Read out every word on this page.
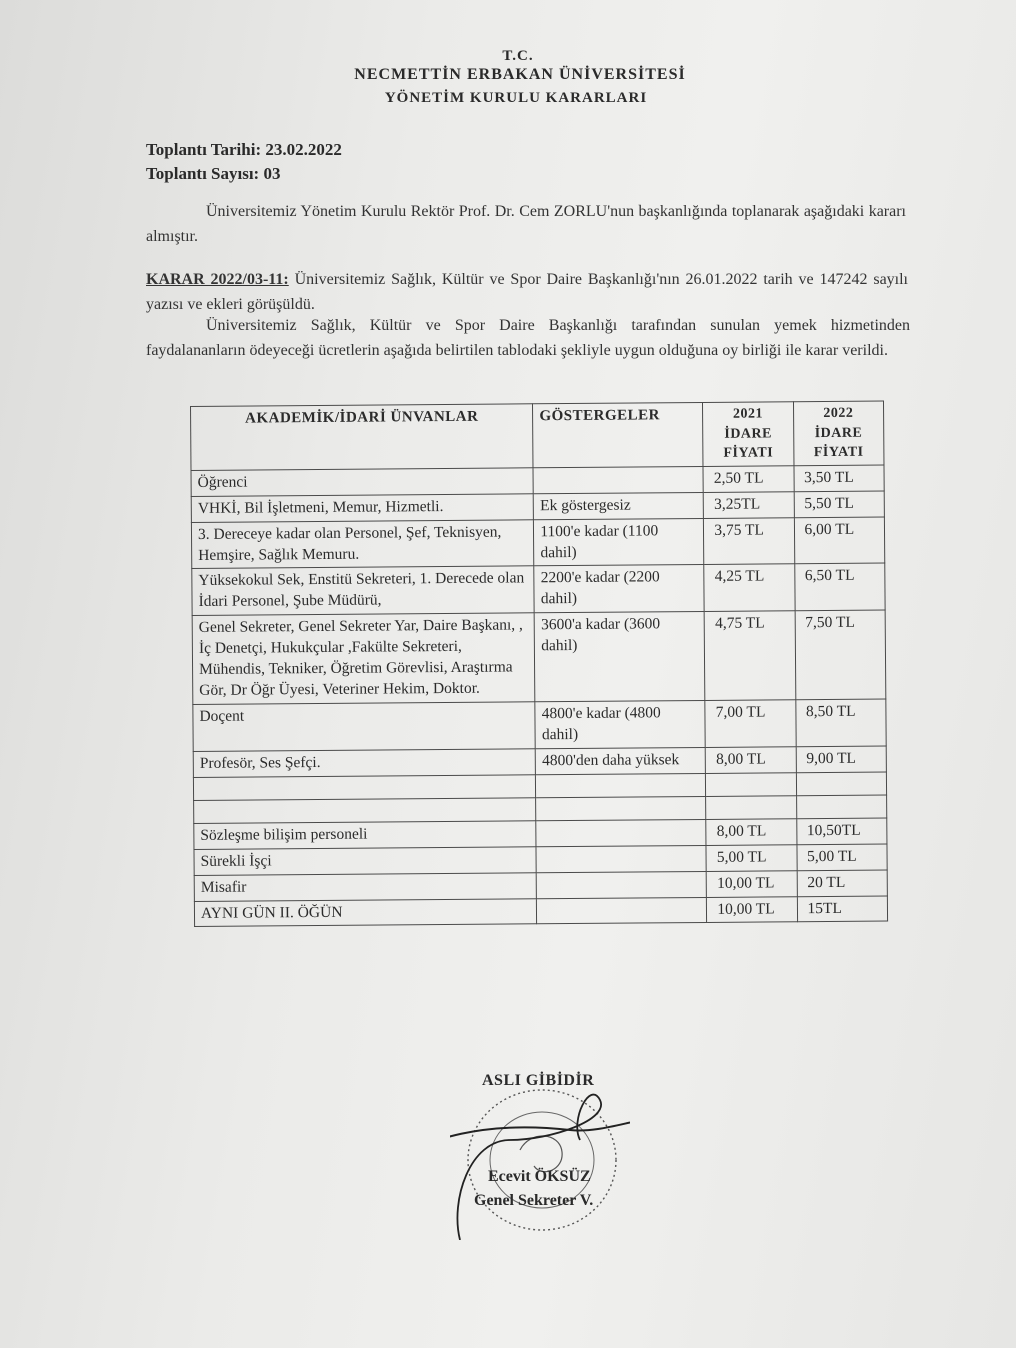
T.C.
NECMETTİN ERBAKAN ÜNİVERSİTESİ
YÖNETİM KURULU KARARLARI
Toplantı Tarihi: 23.02.2022
Toplantı Sayısı: 03
Üniversitemiz Yönetim Kurulu Rektör Prof. Dr. Cem ZORLU'nun başkanlığında toplanarak aşağıdaki kararı almıştır.
KARAR 2022/03-11: Üniversitemiz Sağlık, Kültür ve Spor Daire Başkanlığı'nın 26.01.2022 tarih ve 147242 sayılı yazısı ve ekleri görüşüldü.
Üniversitemiz Sağlık, Kültür ve Spor Daire Başkanlığı tarafından sunulan yemek hizmetinden faydalananların ödeyeceği ücretlerin aşağıda belirtilen tablodaki şekliyle uygun olduğuna oy birliği ile karar verildi.
AKADEMİK/İDARİ ÜNVANLAR	GÖSTERGELER	2021 İDARE FİYATI	2022 İDARE FİYATI
Öğrenci		2,50 TL	3,50 TL
VHKİ, Bil İşletmeni, Memur, Hizmetli.	Ek göstergesiz	3,25TL	5,50 TL
3. Dereceye kadar olan Personel, Şef, Teknisyen, Hemşire, Sağlık Memuru.	1100'e kadar (1100 dahil)	3,75 TL	6,00 TL
Yüksekokul Sek, Enstitü Sekreteri, 1. Derecede olan İdari Personel, Şube Müdürü,	2200'e kadar (2200 dahil)	4,25 TL	6,50 TL
Genel Sekreter, Genel Sekreter Yar, Daire Başkanı, , İç Denetçi, Hukukçular ,Fakülte Sekreteri, Mühendis, Tekniker, Öğretim Görevlisi, Araştırma Gör, Dr Öğr Üyesi, Veteriner Hekim, Doktor.	3600'a kadar (3600 dahil)	4,75 TL	7,50 TL
Doçent	4800'e kadar (4800 dahil)	7,00 TL	8,50 TL
Profesör, Ses Şefçi.	4800'den daha yüksek	8,00 TL	9,00 TL

Sözleşme bilişim personeli		8,00 TL	10,50TL
Sürekli İşçi		5,00 TL	5,00 TL
Misafir		10,00 TL	20 TL
AYNI GÜN II. ÖĞÜN		10,00 TL	15TL
ASLI GİBİDİR
Ecevit ÖKSÜZ
Genel Sekreter V.
